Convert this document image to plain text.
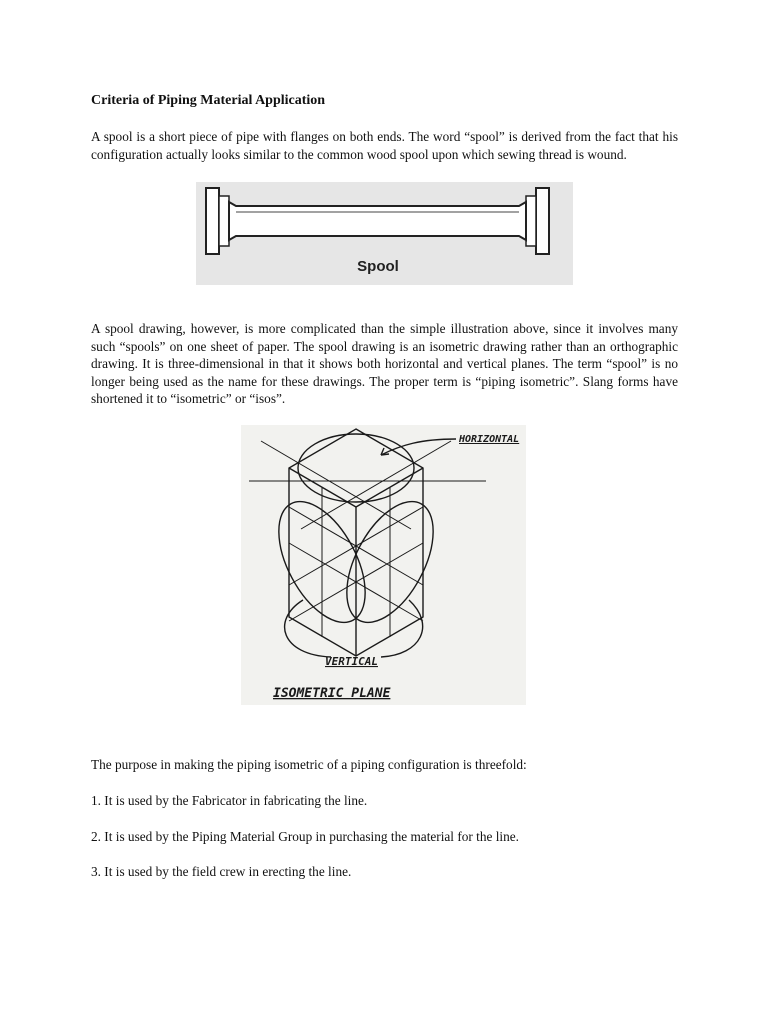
Criteria of Piping Material Application

A spool is a short piece of pipe with flanges on both ends. The word “spool” is derived from the fact that his configuration actually looks similar to the common wood spool upon which sewing thread is wound.

Spool

A spool drawing, however, is more complicated than the simple illustration above, since it involves many such “spools” on one sheet of paper. The spool drawing is an isometric drawing rather than an orthographic drawing. It is three-dimensional in that it shows both horizontal and vertical planes. The term “spool” is no longer being used as the name for these drawings. The proper term is “piping isometric”. Slang forms have shortened it to “isometric” or “isos”.

HORIZONTAL
VERTICAL
ISOMETRIC PLANE

The purpose in making the piping isometric of a piping configuration is threefold:

1. It is used by the Fabricator in fabricating the line.

2. It is used by the Piping Material Group in purchasing the material for the line.

3. It is used by the field crew in erecting the line.
